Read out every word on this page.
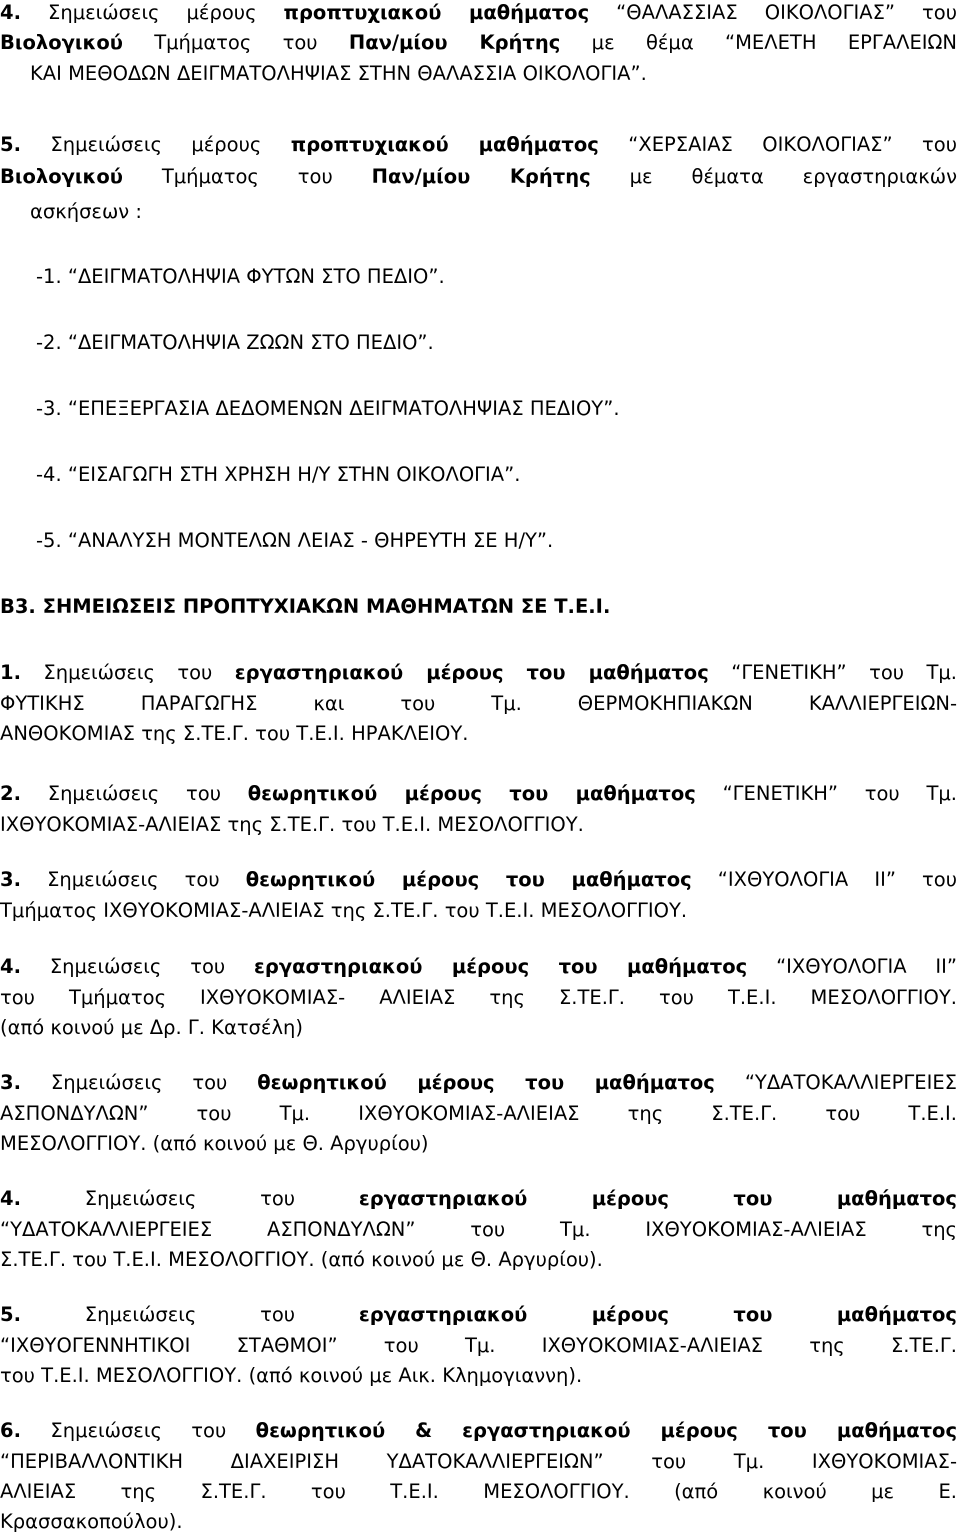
4. Σημειώσεις μέρους προπτυχιακού μαθήματος “ΘΑΛΑΣΣΙΑΣ ΟΙΚΟΛΟΓΙΑΣ” του

Βιολογικού Τμήματος του Παν/μίου Κρήτης με θέμα “ΜΕΛΕΤΗ ΕΡΓΑΛΕΙΩΝ

ΚΑΙ ΜΕΘΟΔΩΝ ΔΕΙΓΜΑΤΟΛΗΨΙΑΣ ΣΤΗΝ ΘΑΛΑΣΣΙΑ ΟΙΚΟΛΟΓΙΑ”.

5. Σημειώσεις μέρους προπτυχιακού μαθήματος “ΧΕΡΣΑΙΑΣ ΟΙΚΟΛΟΓΙΑΣ” του

Βιολογικού Τμήματος του Παν/μίου Κρήτης με θέματα εργαστηριακών

ασκήσεων :

-1. “ΔΕΙΓΜΑΤΟΛΗΨΙΑ ΦΥΤΩΝ ΣΤΟ ΠΕΔΙΟ”.

-2. “ΔΕΙΓΜΑΤΟΛΗΨΙΑ ΖΩΩΝ ΣΤΟ ΠΕΔΙΟ”.

-3. “ΕΠΕΞΕΡΓΑΣΙΑ ΔΕΔΟΜΕΝΩΝ ΔΕΙΓΜΑΤΟΛΗΨΙΑΣ ΠΕΔΙΟΥ”.

-4. “ΕΙΣΑΓΩΓΗ ΣΤΗ ΧΡΗΣΗ Η/Υ ΣΤΗΝ ΟΙΚΟΛΟΓΙΑ”.

-5. “ΑΝΑΛΥΣΗ ΜΟΝΤΕΛΩΝ ΛΕΙΑΣ - ΘΗΡΕΥΤΗ ΣΕ Η/Υ”.

Β3. ΣΗΜΕΙΩΣΕΙΣ ΠΡΟΠΤΥΧΙΑΚΩΝ ΜΑΘΗΜΑΤΩΝ ΣΕ Τ.Ε.Ι.

1. Σημειώσεις του εργαστηριακού μέρους του μαθήματος “ΓΕΝΕΤΙΚΗ” του Τμ.

ΦΥΤΙΚΗΣ ΠΑΡΑΓΩΓΗΣ και του Τμ. ΘΕΡΜΟΚΗΠΙΑΚΩΝ ΚΑΛΛΙΕΡΓΕΙΩΝ-

ΑΝΘΟΚΟΜΙΑΣ της Σ.ΤΕ.Γ. του Τ.Ε.Ι. ΗΡΑΚΛΕΙΟΥ.

2. Σημειώσεις του θεωρητικού μέρους του μαθήματος “ΓΕΝΕΤΙΚΗ” του Τμ.

ΙΧΘΥΟΚΟΜΙΑΣ-ΑΛΙΕΙΑΣ της Σ.ΤΕ.Γ. του Τ.Ε.Ι. ΜΕΣΟΛΟΓΓΙΟΥ.

3. Σημειώσεις του θεωρητικού μέρους του μαθήματος “ΙΧΘΥΟΛΟΓΙΑ ΙΙ” του

Τμήματος ΙΧΘΥΟΚΟΜΙΑΣ-ΑΛΙΕΙΑΣ της Σ.ΤΕ.Γ. του Τ.Ε.Ι. ΜΕΣΟΛΟΓΓΙΟΥ.

4. Σημειώσεις του εργαστηριακού μέρους του μαθήματος “ΙΧΘΥΟΛΟΓΙΑ ΙΙ”

του Τμήματος ΙΧΘΥΟΚΟΜΙΑΣ- ΑΛΙΕΙΑΣ της Σ.ΤΕ.Γ. του Τ.Ε.Ι. ΜΕΣΟΛΟΓΓΙΟΥ.

(από κοινού με Δρ. Γ. Κατσέλη)

3. Σημειώσεις του θεωρητικού μέρους του μαθήματος “ΥΔΑΤΟΚΑΛΛΙΕΡΓΕΙΕΣ

ΑΣΠΟΝΔΥΛΩΝ” του Τμ. ΙΧΘΥΟΚΟΜΙΑΣ-ΑΛΙΕΙΑΣ της Σ.ΤΕ.Γ. του Τ.Ε.Ι.

ΜΕΣΟΛΟΓΓΙΟΥ. (από κοινού με Θ. Αργυρίου)

4. Σημειώσεις του εργαστηριακού μέρους του μαθήματος

“ΥΔΑΤΟΚΑΛΛΙΕΡΓΕΙΕΣ ΑΣΠΟΝΔΥΛΩΝ” του Τμ. ΙΧΘΥΟΚΟΜΙΑΣ-ΑΛΙΕΙΑΣ της

Σ.ΤΕ.Γ. του Τ.Ε.Ι. ΜΕΣΟΛΟΓΓΙΟΥ. (από κοινού με Θ. Αργυρίου).

5. Σημειώσεις του εργαστηριακού μέρους του μαθήματος

“ΙΧΘΥΟΓΕΝΝΗΤΙΚΟΙ ΣΤΑΘΜΟΙ” του Τμ. ΙΧΘΥΟΚΟΜΙΑΣ-ΑΛΙΕΙΑΣ της Σ.ΤΕ.Γ.

του Τ.Ε.Ι. ΜΕΣΟΛΟΓΓΙΟΥ. (από κοινού με Αικ. Κλημογιαννη).

6. Σημειώσεις του θεωρητικού & εργαστηριακού μέρους του μαθήματος

“ΠΕΡΙΒΑΛΛΟΝΤΙΚΗ ΔΙΑΧΕΙΡΙΣΗ ΥΔΑΤΟΚΑΛΛΙΕΡΓΕΙΩΝ” του Τμ. ΙΧΘΥΟΚΟΜΙΑΣ-

ΑΛΙΕΙΑΣ της Σ.ΤΕ.Γ. του Τ.Ε.Ι. ΜΕΣΟΛΟΓΓΙΟΥ. (από κοινού με Ε.

Κρασσακοπούλου).
